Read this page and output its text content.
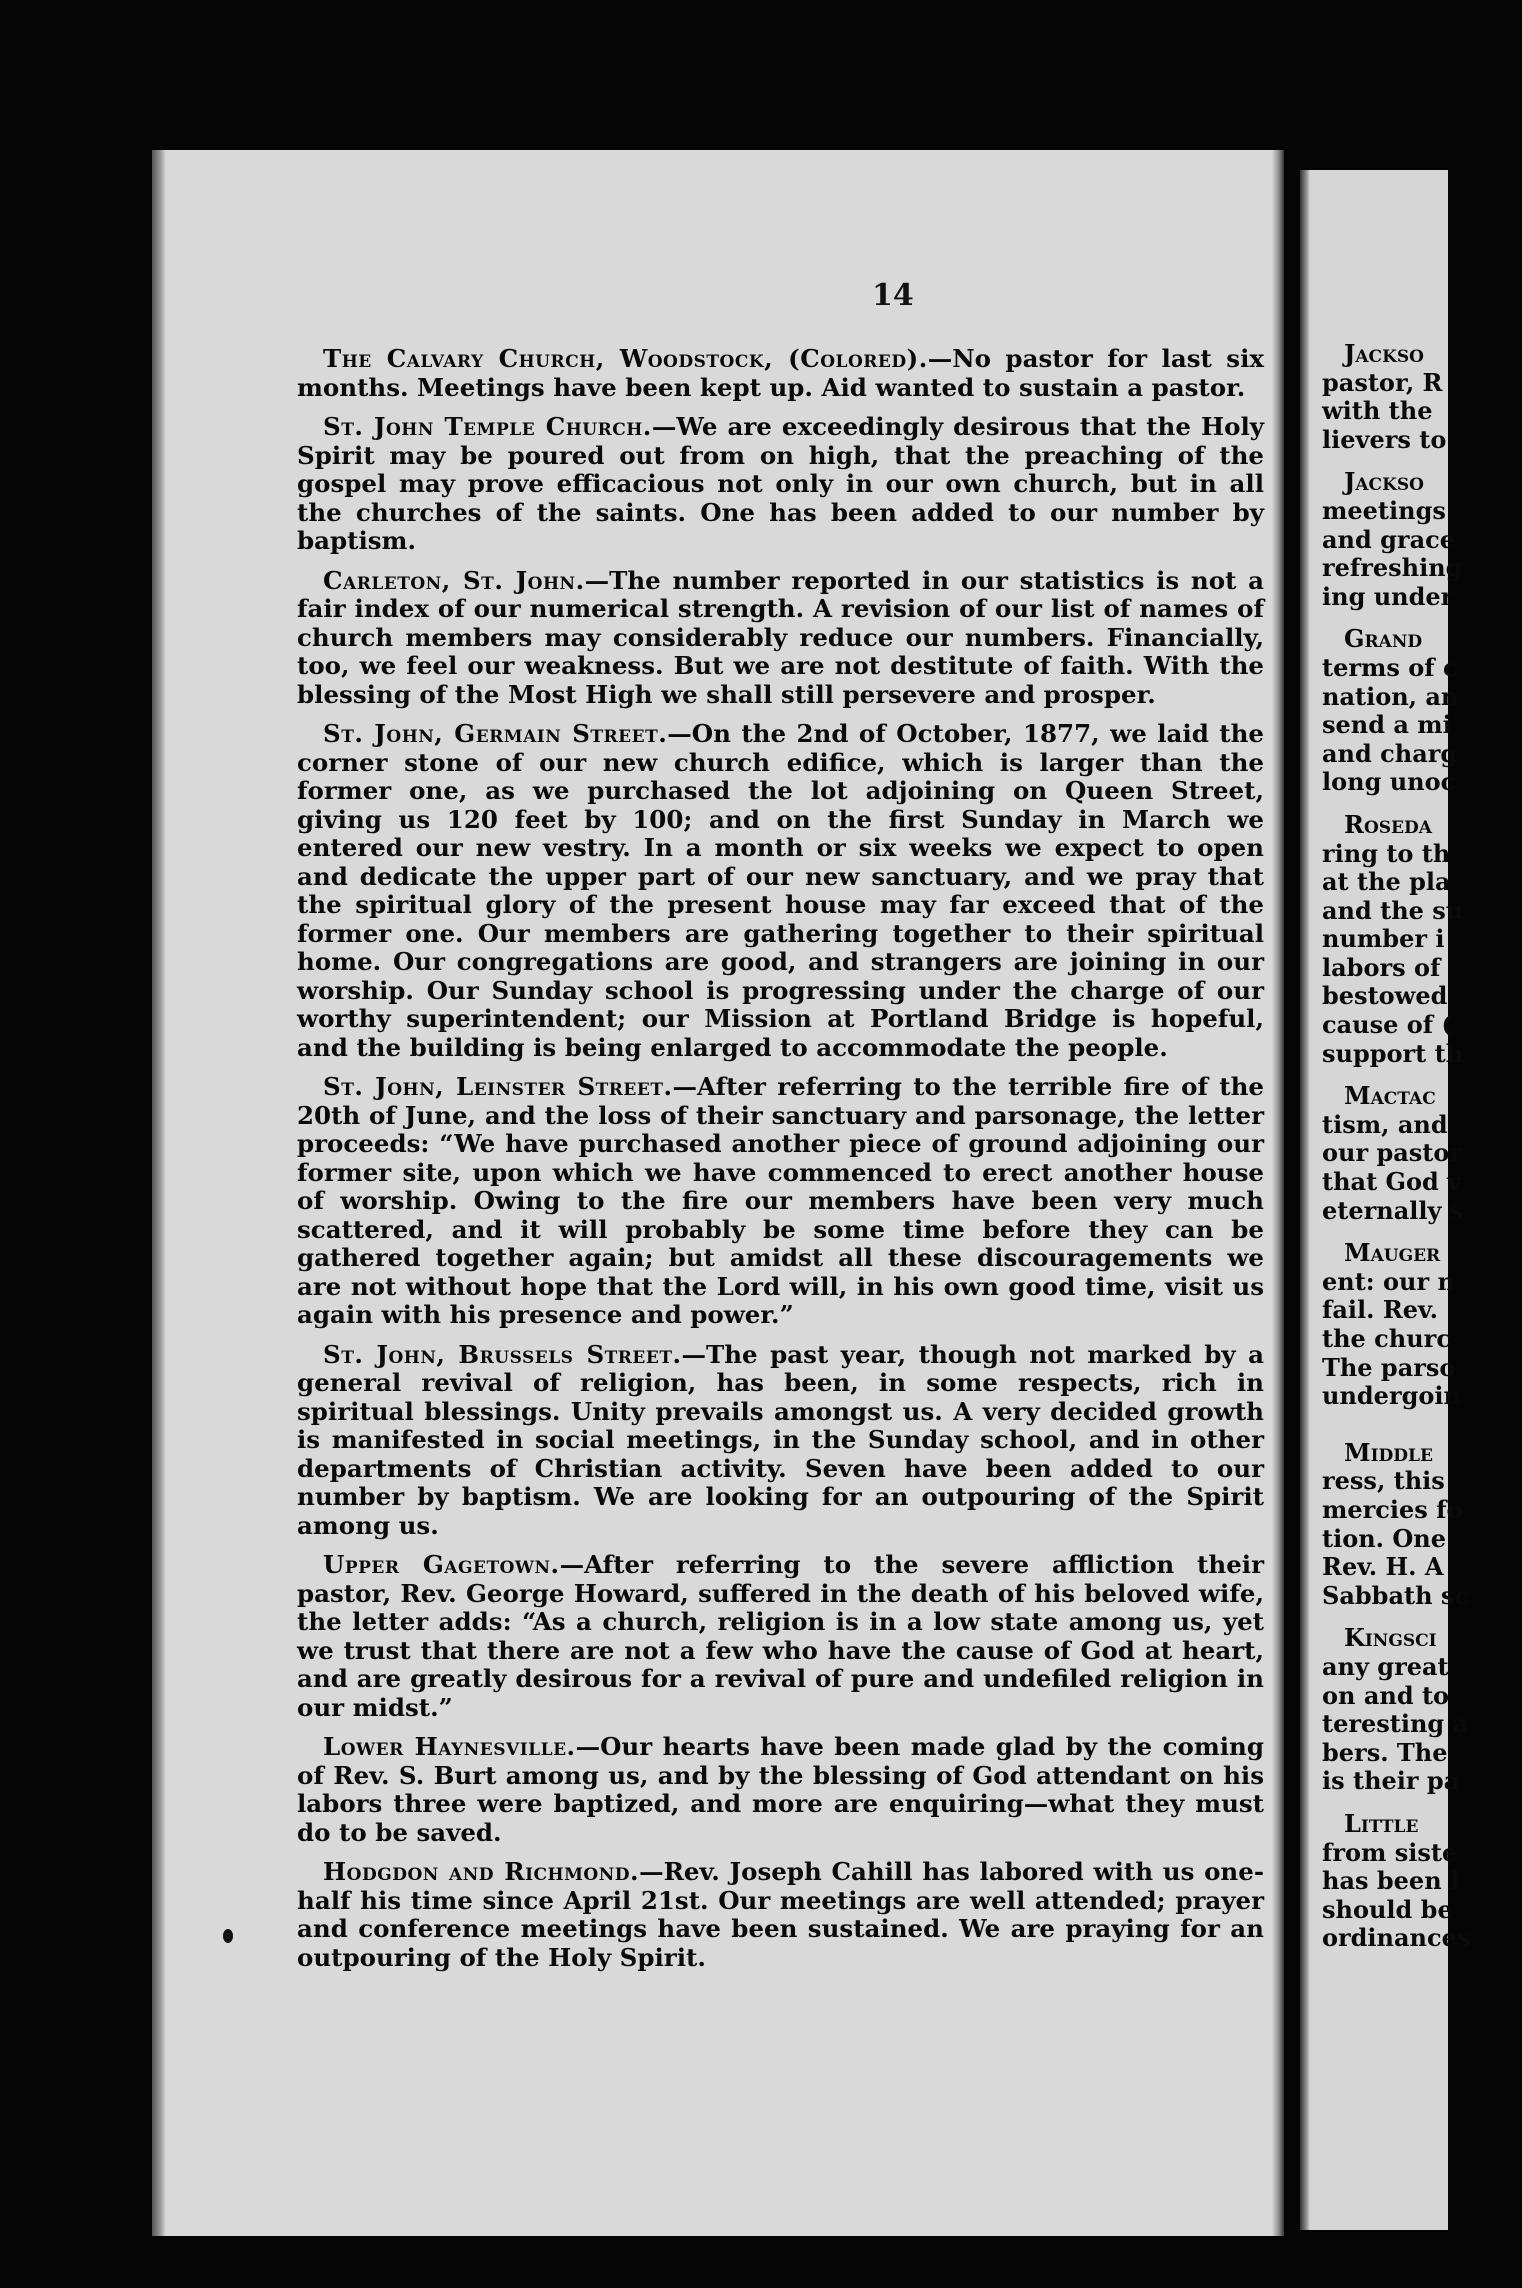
14

The Calvary Church, Woodstock, (Colored).—No pastor for last six months. Meetings have been kept up. Aid wanted to sustain a pastor.

St. John Temple Church.—We are exceedingly desirous that the Holy Spirit may be poured out from on high, that the preaching of the gospel may prove efficacious not only in our own church, but in all the churches of the saints. One has been added to our number by baptism.

Carleton, St. John.—The number reported in our statistics is not a fair index of our numerical strength. A revision of our list of names of church members may considerably reduce our numbers. Financially, too, we feel our weakness. But we are not destitute of faith. With the blessing of the Most High we shall still persevere and prosper.

St. John, Germain Street.—On the 2nd of October, 1877, we laid the corner stone of our new church edifice, which is larger than the former one, as we purchased the lot adjoining on Queen Street, giving us 120 feet by 100; and on the first Sunday in March we entered our new vestry. In a month or six weeks we expect to open and dedicate the upper part of our new sanctuary, and we pray that the spiritual glory of the present house may far exceed that of the former one. Our members are gathering together to their spiritual home. Our congregations are good, and strangers are joining in our worship. Our Sunday school is progressing under the charge of our worthy superintendent; our Mission at Portland Bridge is hopeful, and the building is being enlarged to accommodate the people.

St. John, Leinster Street.—After referring to the terrible fire of the 20th of June, and the loss of their sanctuary and parsonage, the letter proceeds: “We have purchased another piece of ground adjoining our former site, upon which we have commenced to erect another house of worship. Owing to the fire our members have been very much scattered, and it will probably be some time before they can be gathered together again; but amidst all these discouragements we are not without hope that the Lord will, in his own good time, visit us again with his presence and power.”

St. John, Brussels Street.—The past year, though not marked by a general revival of religion, has been, in some respects, rich in spiritual blessings. Unity prevails amongst us. A very decided growth is manifested in social meetings, in the Sunday school, and in other departments of Christian activity. Seven have been added to our number by baptism. We are looking for an outpouring of the Spirit among us.

Upper Gagetown.—After referring to the severe affliction their pastor, Rev. George Howard, suffered in the death of his beloved wife, the letter adds: “As a church, religion is in a low state among us, yet we trust that there are not a few who have the cause of God at heart, and are greatly desirous for a revival of pure and undefiled religion in our midst.”

Lower Haynesville.—Our hearts have been made glad by the coming of Rev. S. Burt among us, and by the blessing of God attendant on his labors three were baptized, and more are enquiring—what they must do to be saved.

Hodgdon and Richmond.—Rev. Joseph Cahill has labored with us one-half his time since April 21st. Our meetings are well attended; prayer and conference meetings have been sustained. We are praying for an outpouring of the Holy Spirit.

Jackso
pastor, R
with the
lievers to
Jackso
meetings
and grace
refreshing
ing under
Grand
terms of c
nation, an
send a mi
and charg
long unoc
Roseda
ring to th
at the pla
and the su
number i
labors of
bestowed
cause of (
support th
Mactac
tism, and
our pastor
that God v
eternally s
Mauger
ent: our n
fail. Rev.
the churc
The parso
undergoin
Middle
ress, this
mercies fo
tion. One
Rev. H. A
Sabbath sc
Kingsci
any great
on and to
teresting a
bers. The
is their pa
Little
from siste
has been l
should be
ordinances
